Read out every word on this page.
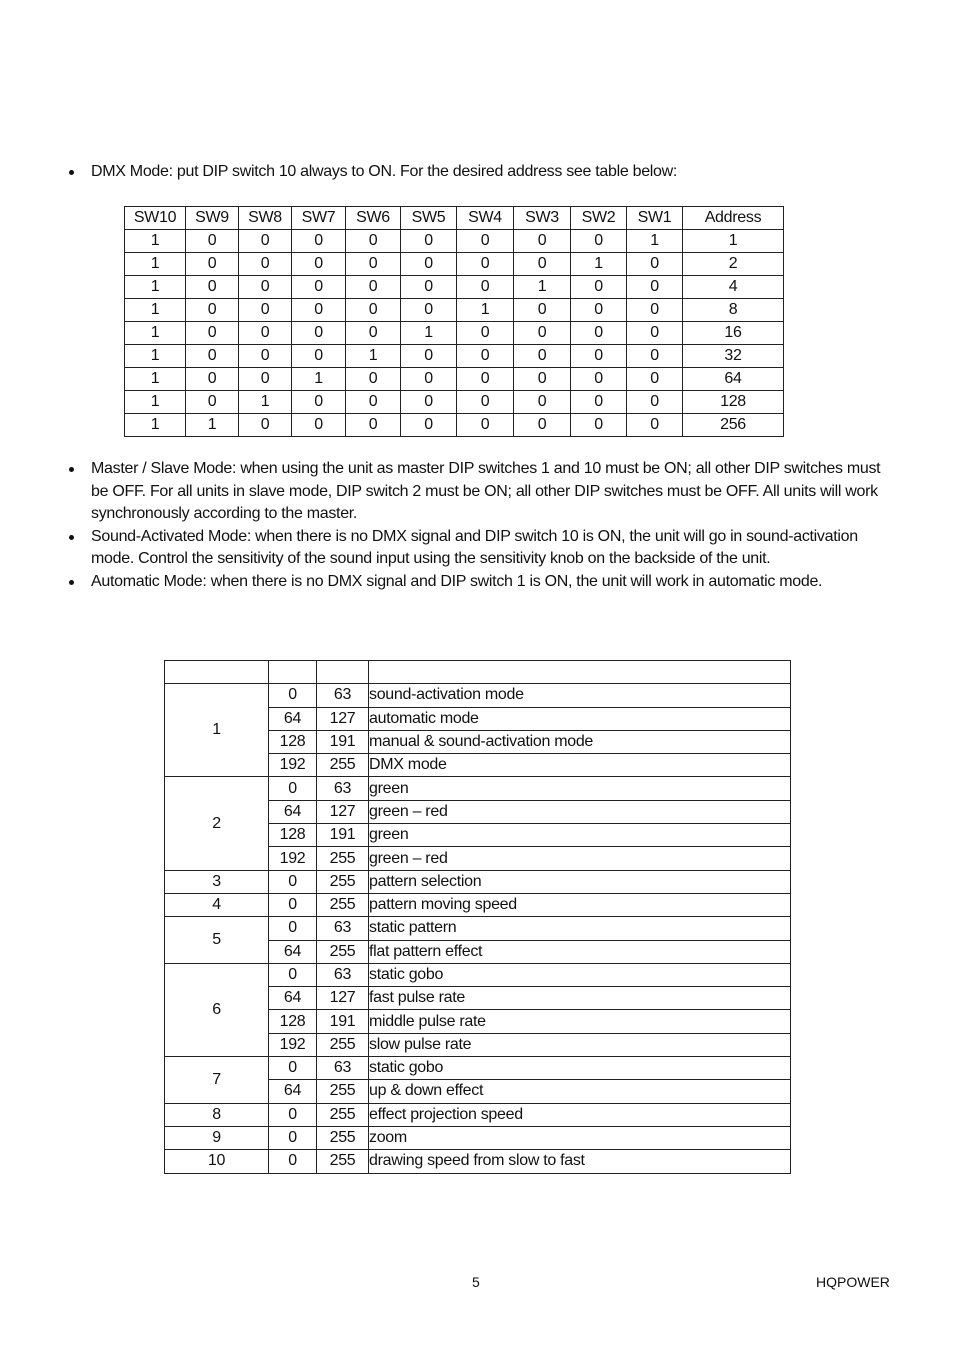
DMX Mode: put DIP switch 10 always to ON. For the desired address see table below:
SW10	SW9	SW8	SW7	SW6	SW5	SW4	SW3	SW2	SW1	Address
1	0	0	0	0	0	0	0	0	1	1
1	0	0	0	0	0	0	0	1	0	2
1	0	0	0	0	0	0	1	0	0	4
1	0	0	0	0	0	1	0	0	0	8
1	0	0	0	0	1	0	0	0	0	16
1	0	0	0	1	0	0	0	0	0	32
1	0	0	1	0	0	0	0	0	0	64
1	0	1	0	0	0	0	0	0	0	128
1	1	0	0	0	0	0	0	0	0	256
Master / Slave Mode: when using the unit as master DIP switches 1 and 10 must be ON; all other DIP switches must be OFF. For all units in slave mode, DIP switch 2 must be ON; all other DIP switches must be OFF. All units will work synchronously according to the master.
Sound-Activated Mode: when there is no DMX signal and DIP switch 10 is ON, the unit will go in sound-activation mode. Control the sensitivity of the sound input using the sensitivity knob on the backside of the unit.
Automatic Mode: when there is no DMX signal and DIP switch 1 is ON, the unit will work in automatic mode.

1	0	63	sound-activation mode
	64	127	automatic mode
	128	191	manual & sound-activation mode
	192	255	DMX mode
2	0	63	green
	64	127	green – red
	128	191	green
	192	255	green – red
3	0	255	pattern selection
4	0	255	pattern moving speed
5	0	63	static pattern
	64	255	flat pattern effect
6	0	63	static gobo
	64	127	fast pulse rate
	128	191	middle pulse rate
	192	255	slow pulse rate
7	0	63	static gobo
	64	255	up & down effect
8	0	255	effect projection speed
9	0	255	zoom
10	0	255	drawing speed from slow to fast
5	HQPOWER
